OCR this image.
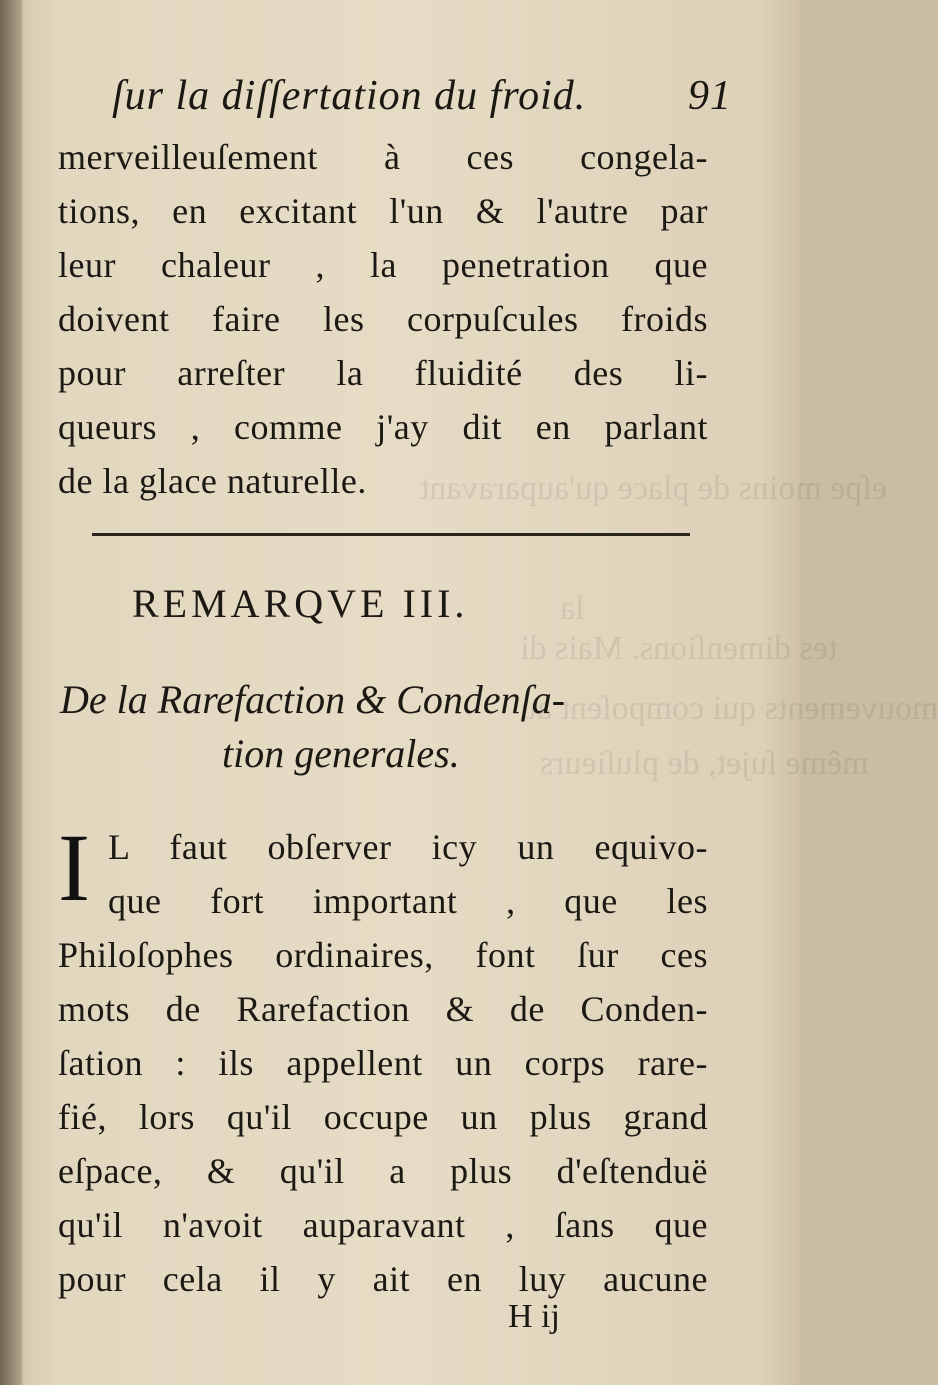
eſpe moins de place qu'auparavant
la
tes dimenſions. Mais di
mouvements qui compoſent au
même ſujet, de pluſieurs
ſur la diſſertation du froid. 91
merveilleuſement à ces congela-
tions, en excitant l'un & l'autre par
leur chaleur , la penetration que
doivent faire les corpuſcules froids
pour arreſter la fluidité des li-
queurs , comme j'ay dit en parlant
de la glace naturelle.
REMARQVE III.
De la Rarefaction & Condenſa-
tion generales.
I L faut obſerver icy un equivo-
que fort important , que les
Philoſophes ordinaires, font ſur ces
mots de Rarefaction & de Conden-
ſation : ils appellent un corps rare-
fié, lors qu'il occupe un plus grand
eſpace, & qu'il a plus d'eſtenduë
qu'il n'avoit auparavant , ſans que
pour cela il y ait en luy aucune
H ij
